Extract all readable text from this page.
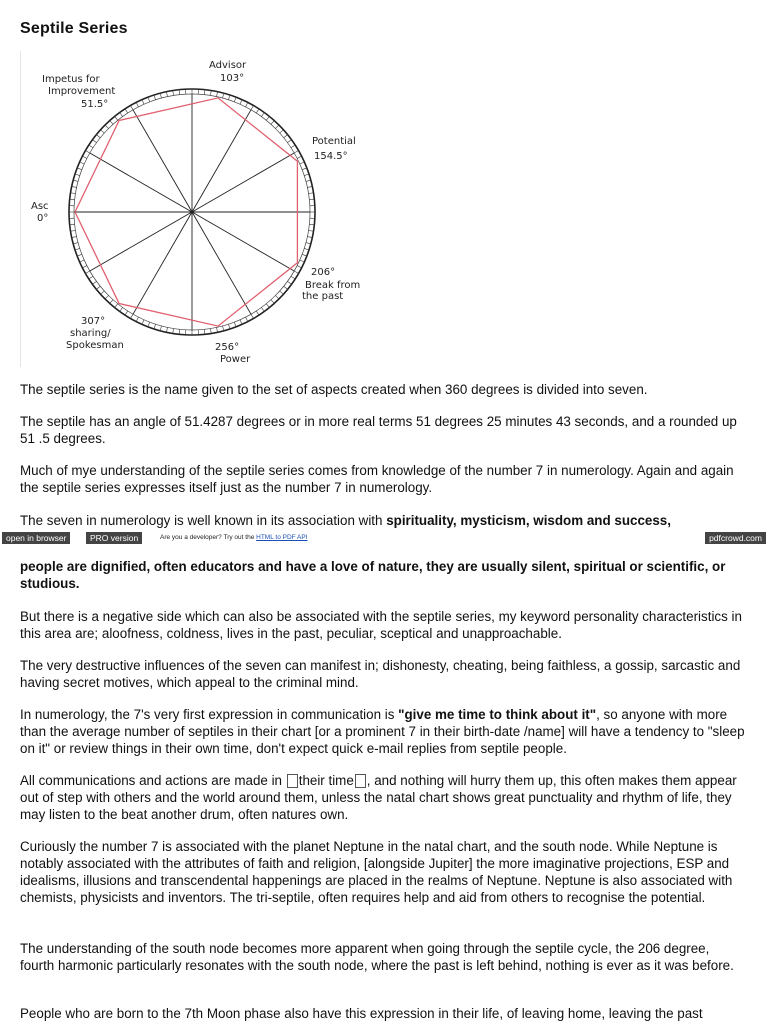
Septile Series
Impetus for
Improvement
51.5°
Advisor
103°
Potential
154.5°
Asc
0°
206°
Break from
the past
307°
sharing/
Spokesman	256°
Power

The septile series is the name given to the set of aspects created when 360 degrees is divided into seven.

The septile has an angle of 51.4287 degrees or in more real terms 51 degrees 25 minutes 43 seconds, and a rounded up 51 .5 degrees.

Much of mye understanding of the septile series comes from knowledge of the number 7 in numerology. Again and again the septile series expresses itself just as the number 7 in numerology.

The seven in numerology is well known in its association with spirituality, mysticism, wisdom and success,

open in browser	PRO version	Are you a developer? Try out the HTML to PDF API	pdfcrowd.com

people are dignified, often educators and have a love of nature, they are usually silent, spiritual or scientific, or studious.

But there is a negative side which can also be associated with the septile series, my keyword personality characteristics in this area are; aloofness, coldness, lives in the past, peculiar, sceptical and unapproachable.

The very destructive influences of the seven can manifest in; dishonesty, cheating, being faithless, a gossip, sarcastic and having secret motives, which appeal to the criminal mind.

In numerology, the 7's very first expression in communication is "give me time to think about it", so anyone with more than the average number of septiles in their chart [or a prominent 7 in their birth-date /name] will have a tendency to "sleep on it" or review things in their own time, don't expect quick e-mail replies from septile people.

All communications and actions are made in their time , and nothing will hurry them up, this often makes them appear out of step with others and the world around them, unless the natal chart shows great punctuality and rhythm of life, they may listen to the beat another drum, often natures own.

Curiously the number 7 is associated with the planet Neptune in the natal chart, and the south node. While Neptune is notably associated with the attributes of faith and religion, [alongside Jupiter] the more imaginative projections, ESP and idealisms, illusions and transcendental happenings are placed in the realms of Neptune. Neptune is also associated with chemists, physicists and inventors. The tri-septile, often requires help and aid from others to recognise the potential.

The understanding of the south node becomes more apparent when going through the septile cycle, the 206 degree, fourth harmonic particularly resonates with the south node, where the past is left behind, nothing is ever as it was before.

People who are born to the 7th Moon phase also have this expression in their life, of leaving home, leaving the past
